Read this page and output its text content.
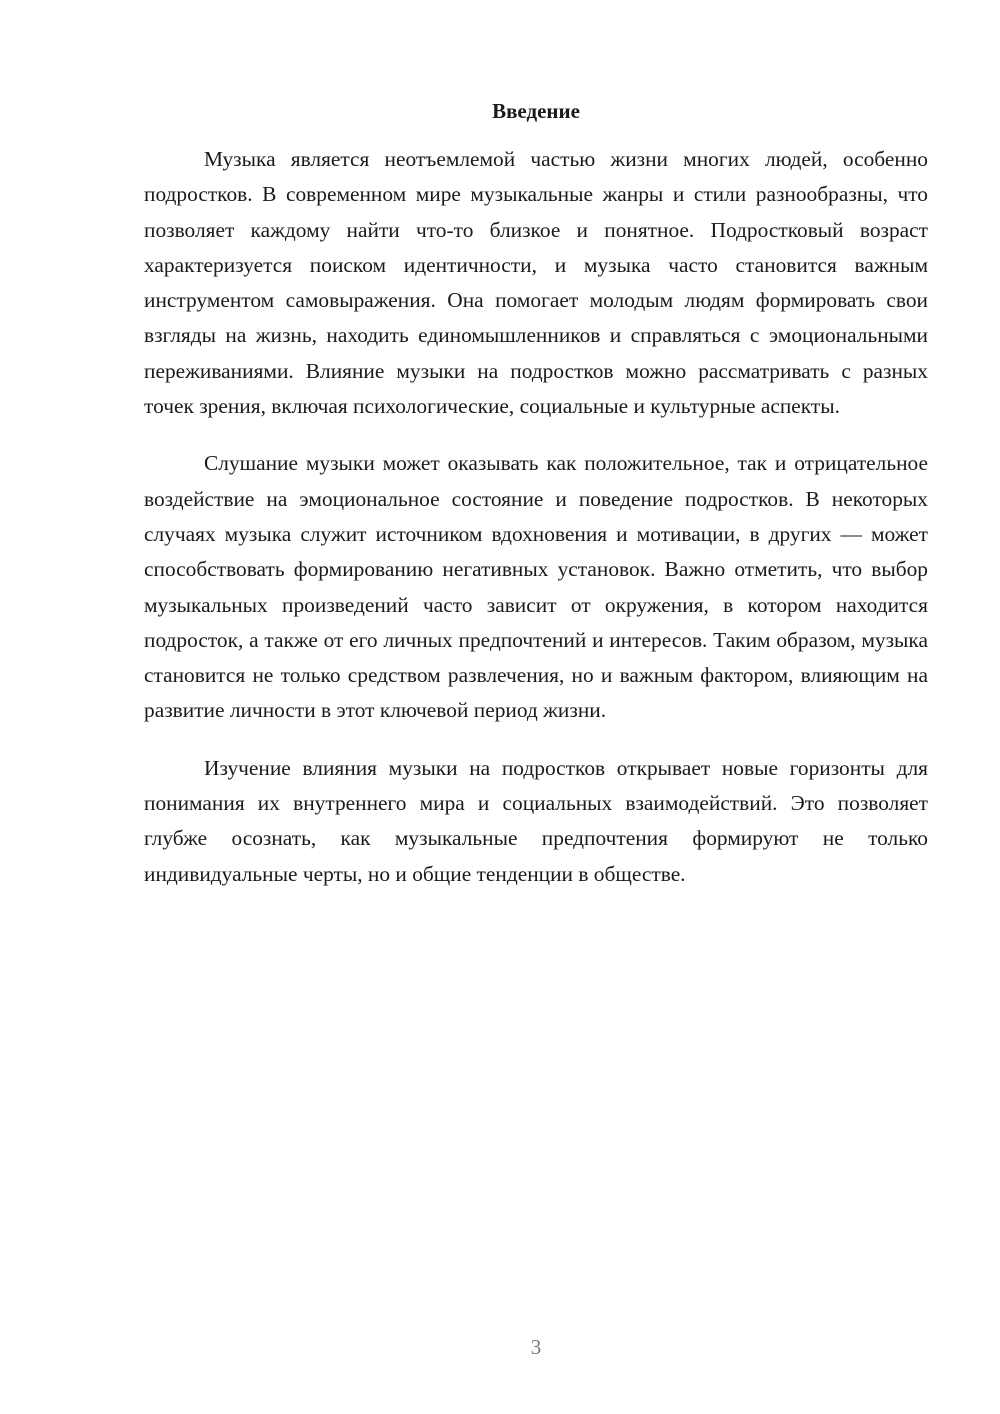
Введение

Музыка является неотъемлемой частью жизни многих людей, особенно подростков. В современном мире музыкальные жанры и стили разнообразны, что позволяет каждому найти что-то близкое и понятное. Подростковый возраст характеризуется поиском идентичности, и музыка часто становится важным инструментом самовыражения. Она помогает молодым людям формировать свои взгляды на жизнь, находить единомышленников и справляться с эмоциональными переживаниями. Влияние музыки на подростков можно рассматривать с разных точек зрения, включая психологические, социальные и культурные аспекты.

Слушание музыки может оказывать как положительное, так и отрицательное воздействие на эмоциональное состояние и поведение подростков. В некоторых случаях музыка служит источником вдохновения и мотивации, в других — может способствовать формированию негативных установок. Важно отметить, что выбор музыкальных произведений часто зависит от окружения, в котором находится подросток, а также от его личных предпочтений и интересов. Таким образом, музыка становится не только средством развлечения, но и важным фактором, влияющим на развитие личности в этот ключевой период жизни.

Изучение влияния музыки на подростков открывает новые горизонты для понимания их внутреннего мира и социальных взаимодействий. Это позволяет глубже осознать, как музыкальные предпочтения формируют не только индивидуальные черты, но и общие тенденции в обществе.

3
